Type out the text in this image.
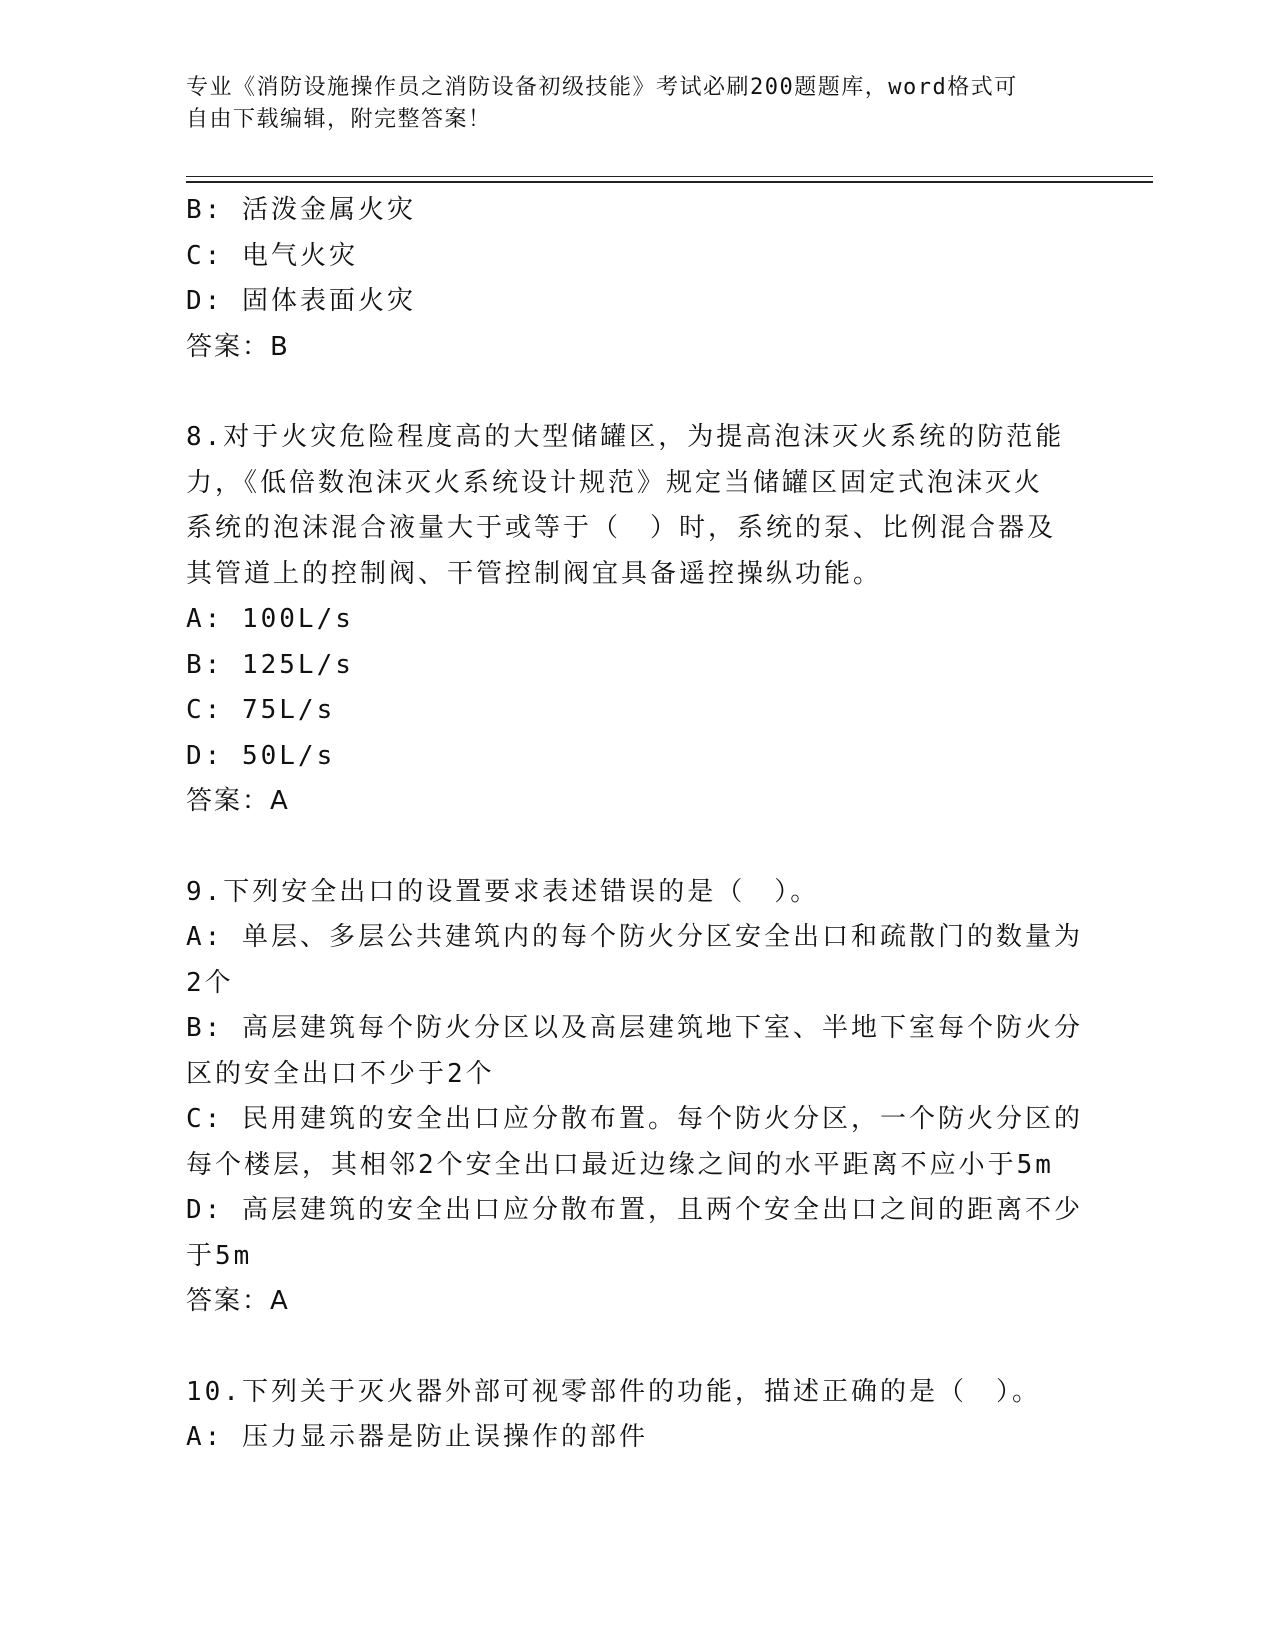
专业《消防设施操作员之消防设备初级技能》考试必刷200题题库，word格式可
自由下载编辑，附完整答案！
B: 活泼金属火灾
C: 电气火灾
D: 固体表面火灾
答案：B
8.对于火灾危险程度高的大型储罐区，为提高泡沫灭火系统的防范能
力，《低倍数泡沫灭火系统设计规范》规定当储罐区固定式泡沫灭火
系统的泡沫混合液量大于或等于（　）时，系统的泵、比例混合器及
其管道上的控制阀、干管控制阀宜具备遥控操纵功能。
A: 100L/s
B: 125L/s
C: 75L/s
D: 50L/s
答案：A
9.下列安全出口的设置要求表述错误的是（　）。
A: 单层、多层公共建筑内的每个防火分区安全出口和疏散门的数量为
2个
B: 高层建筑每个防火分区以及高层建筑地下室、半地下室每个防火分
区的安全出口不少于2个
C: 民用建筑的安全出口应分散布置。每个防火分区，一个防火分区的
每个楼层，其相邻2个安全出口最近边缘之间的水平距离不应小于5m
D: 高层建筑的安全出口应分散布置，且两个安全出口之间的距离不少
于5m
答案：A
10.下列关于灭火器外部可视零部件的功能，描述正确的是（　）。
A: 压力显示器是防止误操作的部件
